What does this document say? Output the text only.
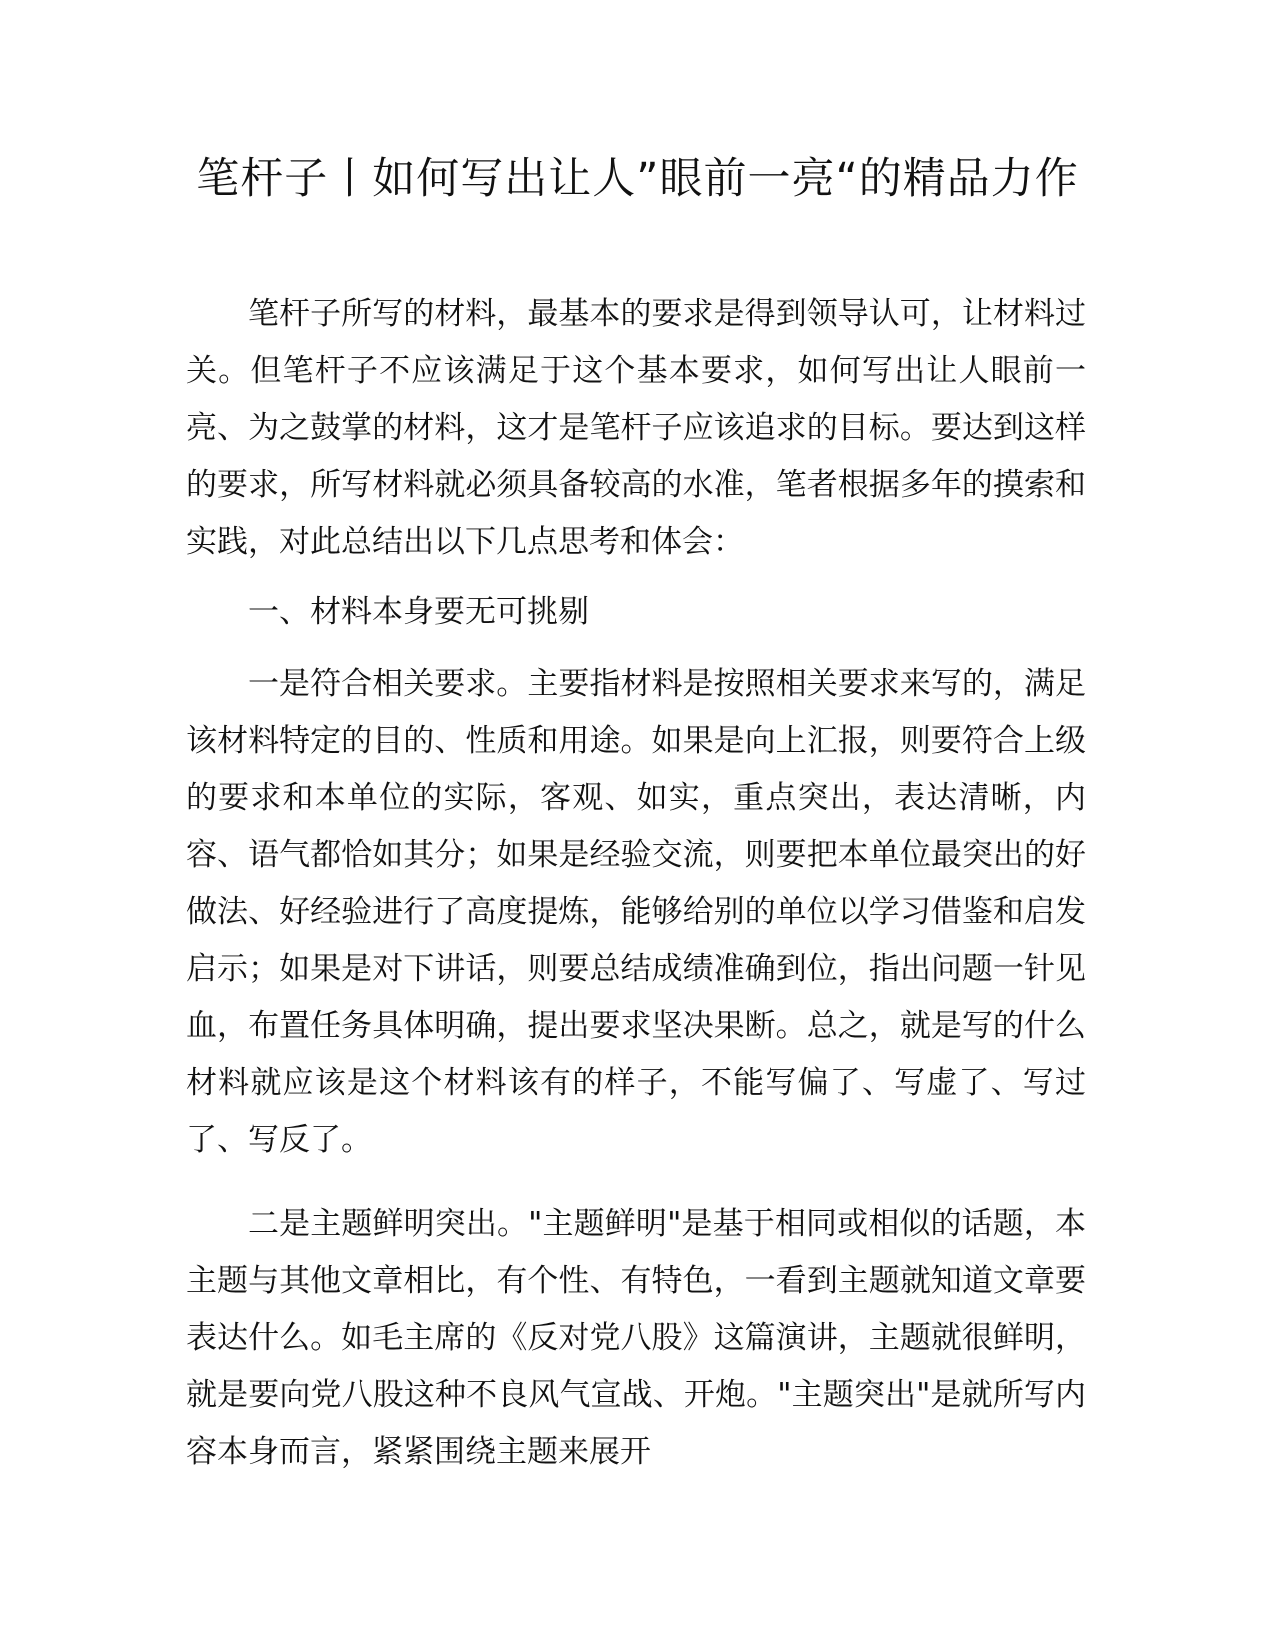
笔杆子丨如何写出让人”眼前一亮“的精品力作

笔杆子所写的材料，最基本的要求是得到领导认可，让材料过关。但笔杆子不应该满足于这个基本要求，如何写出让人眼前一亮、为之鼓掌的材料，这才是笔杆子应该追求的目标。要达到这样的要求，所写材料就必须具备较高的水准，笔者根据多年的摸索和实践，对此总结出以下几点思考和体会：

一、材料本身要无可挑剔

一是符合相关要求。主要指材料是按照相关要求来写的，满足该材料特定的目的、性质和用途。如果是向上汇报，则要符合上级的要求和本单位的实际，客观、如实，重点突出，表达清晰，内容、语气都恰如其分；如果是经验交流，则要把本单位最突出的好做法、好经验进行了高度提炼，能够给别的单位以学习借鉴和启发启示；如果是对下讲话，则要总结成绩准确到位，指出问题一针见血，布置任务具体明确，提出要求坚决果断。总之，就是写的什么材料就应该是这个材料该有的样子，不能写偏了、写虚了、写过了、写反了。

二是主题鲜明突出。"主题鲜明"是基于相同或相似的话题，本主题与其他文章相比，有个性、有特色，一看到主题就知道文章要表达什么。如毛主席的《反对党八股》这篇演讲，主题就很鲜明，就是要向党八股这种不良风气宣战、开炮。"主题突出"是就所写内容本身而言，紧紧围绕主题来展开
